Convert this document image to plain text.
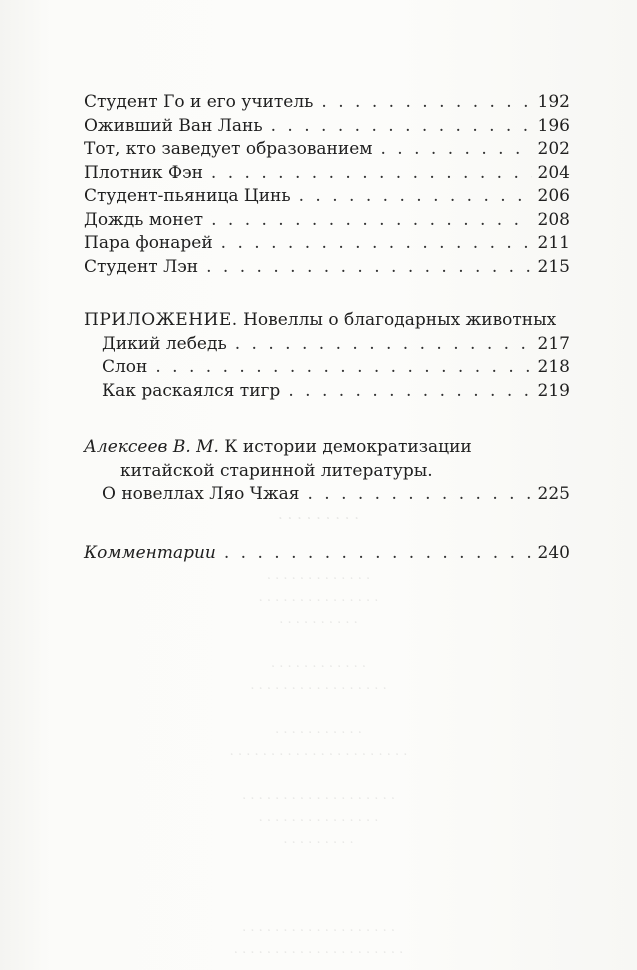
. . . . . . . . .
. . . . . . . . . . . . .
. . . . . . . . . . . . . . .
. . . . . . . . . .
. . . . . . . . . . . .
. . . . . . . . . . . . . . . . .
. . . . . . . . . . .
. . . . . . . . . . . . . . . . . . . . . .
. . . . . . . . . . . . . . . . . . .
. . . . . . . . . . . . . . .
. . . . . . . . .
. . . . . . . . . . . . . . . . . . .
. . . . . . . . . . . . . . . . . . . . .
Студент Го и его учитель . . .	192
Оживший Ван Лань . . .	196
Тот, кто заведует образованием . . .	202
Плотник Фэн . . .	204
Студент-пьяница Цинь . . .	206
Дождь монет . . .	208
Пара фонарей . . .	211
Студент Лэн . . .	215
ПРИЛОЖЕНИЕ. Новеллы о благодарных животных
Дикий лебедь . . .	217
Слон . . .	218
Как раскаялся тигр . . .	219
Алексеев В. М. К истории демократизации
китайской старинной литературы.
О новеллах Ляо Чжая . . .	225
Комментарии . . .	240
